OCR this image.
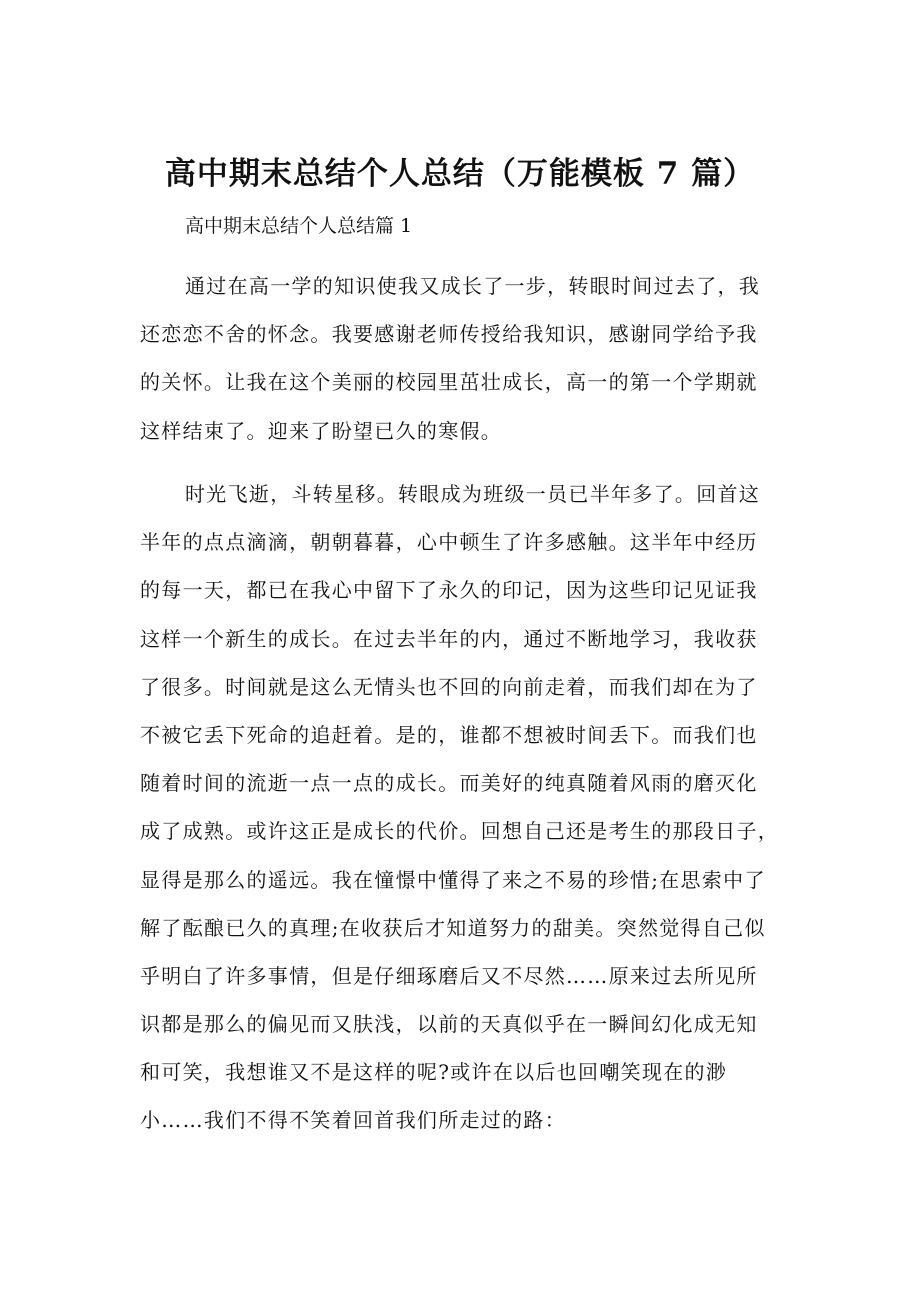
高中期末总结个人总结（万能模板 7 篇）
高中期末总结个人总结篇 1
通过在高一学的知识使我又成长了一步，转眼时间过去了，我
还恋恋不舍的怀念。我要感谢老师传授给我知识，感谢同学给予我
的关怀。让我在这个美丽的校园里茁壮成长，高一的第一个学期就
这样结束了。迎来了盼望已久的寒假。
时光飞逝，斗转星移。转眼成为班级一员已半年多了。回首这
半年的点点滴滴，朝朝暮暮，心中顿生了许多感触。这半年中经历
的每一天，都已在我心中留下了永久的印记，因为这些印记见证我
这样一个新生的成长。在过去半年的内，通过不断地学习，我收获
了很多。时间就是这么无情头也不回的向前走着，而我们却在为了
不被它丢下死命的追赶着。是的，谁都不想被时间丢下。而我们也
随着时间的流逝一点一点的成长。而美好的纯真随着风雨的磨灭化
成了成熟。或许这正是成长的代价。回想自己还是考生的那段日子，
显得是那么的遥远。我在憧憬中懂得了来之不易的珍惜;在思索中了
解了酝酿已久的真理;在收获后才知道努力的甜美。突然觉得自己似
乎明白了许多事情，但是仔细琢磨后又不尽然……原来过去所见所
识都是那么的偏见而又肤浅，以前的天真似乎在一瞬间幻化成无知
和可笑，我想谁又不是这样的呢?或许在以后也回嘲笑现在的渺
小……我们不得不笑着回首我们所走过的路：
